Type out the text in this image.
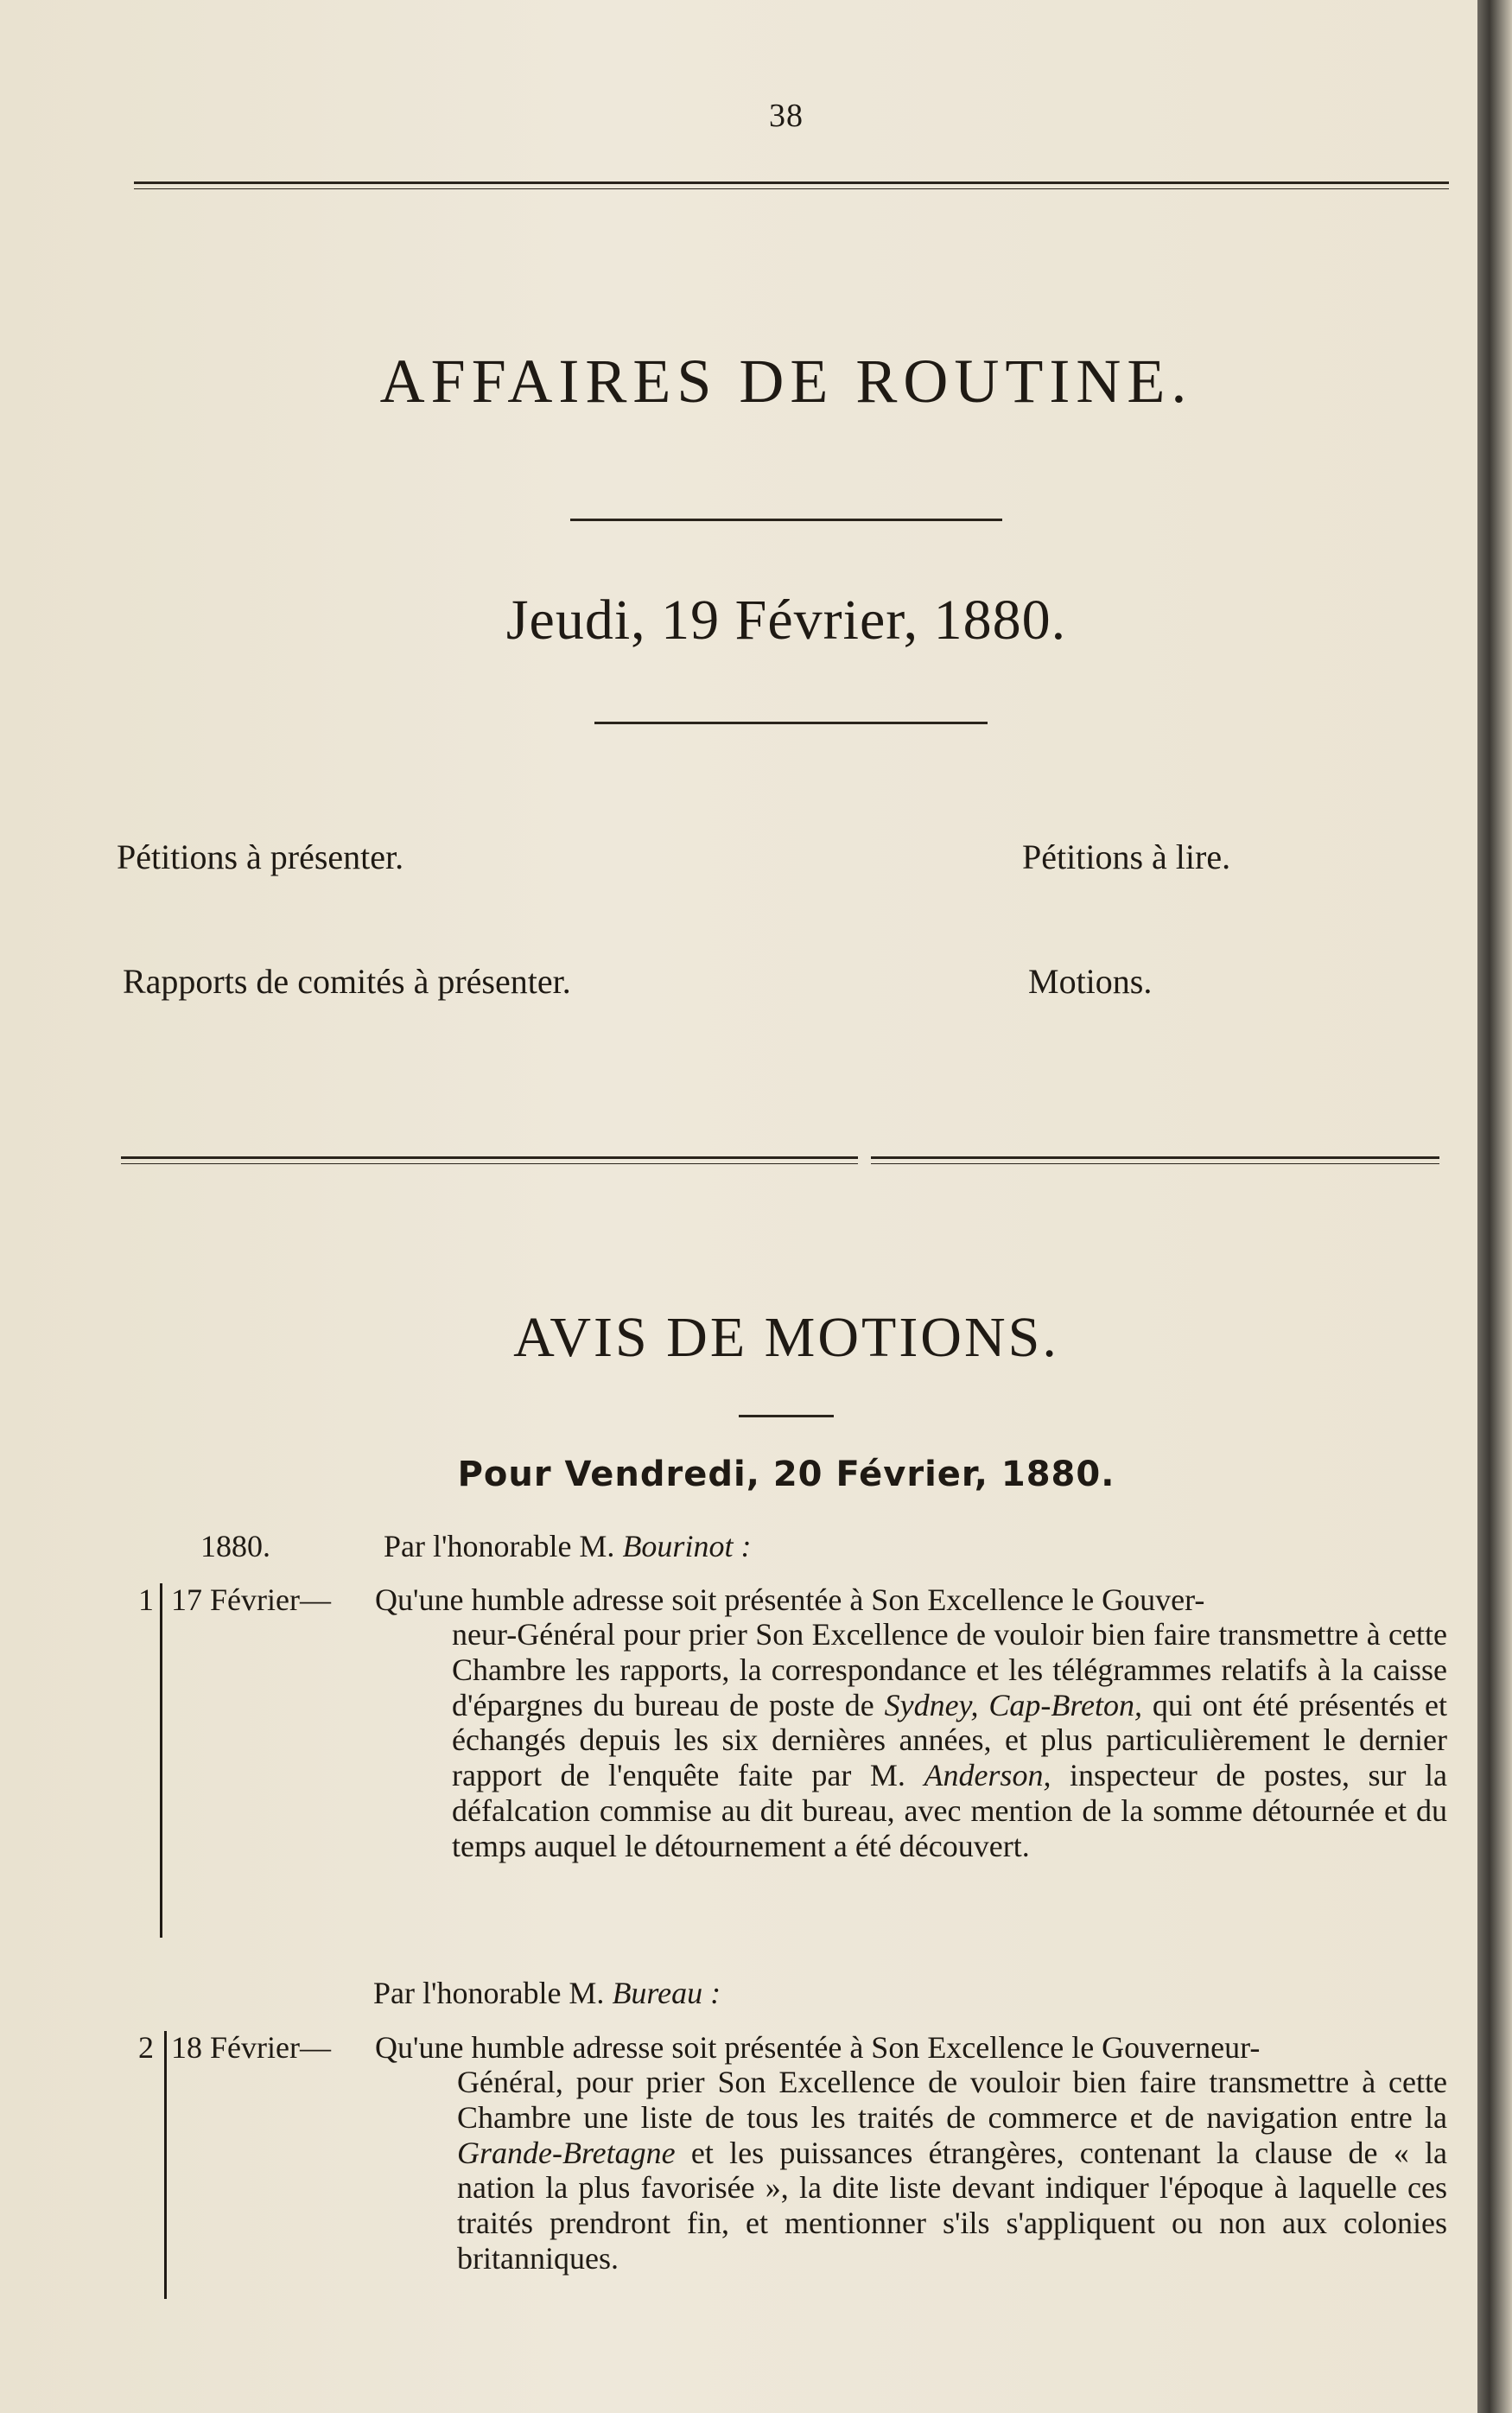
38
AFFAIRES DE ROUTINE.
Jeudi, 19 Février, 1880.
Pétitions à présenter.	Pétitions à lire.
Rapports de comités à présenter.	Motions.
AVIS DE MOTIONS.
Pour Vendredi, 20 Février, 1880.
1880.	Par l'honorable M. Bourinot :
1 17 Février— Qu'une humble adresse soit présentée à Son Excellence le Gouver-
neur-Général pour prier Son Excellence de vouloir bien faire transmettre à cette Chambre les rapports, la correspondance et les télégrammes relatifs à la caisse d'épargnes du bureau de poste de Sydney, Cap-Breton, qui ont été présentés et échangés depuis les six dernières années, et plus particulièrement le dernier rapport de l'enquête faite par M. Anderson, inspecteur de postes, sur la défalcation commise au dit bureau, avec mention de la somme détournée et du temps auquel le détournement a été découvert.
Par l'honorable M. Bureau :
2 18 Février— Qu'une humble adresse soit présentée à Son Excellence le Gouverneur-
Général, pour prier Son Excellence de vouloir bien faire transmettre à cette Chambre une liste de tous les traités de commerce et de navigation entre la Grande-Bretagne et les puissances étrangères, contenant la clause de « la nation la plus favorisée », la dite liste devant indiquer l'époque à laquelle ces traités prendront fin, et mentionner s'ils s'appliquent ou non aux colonies britanniques.
